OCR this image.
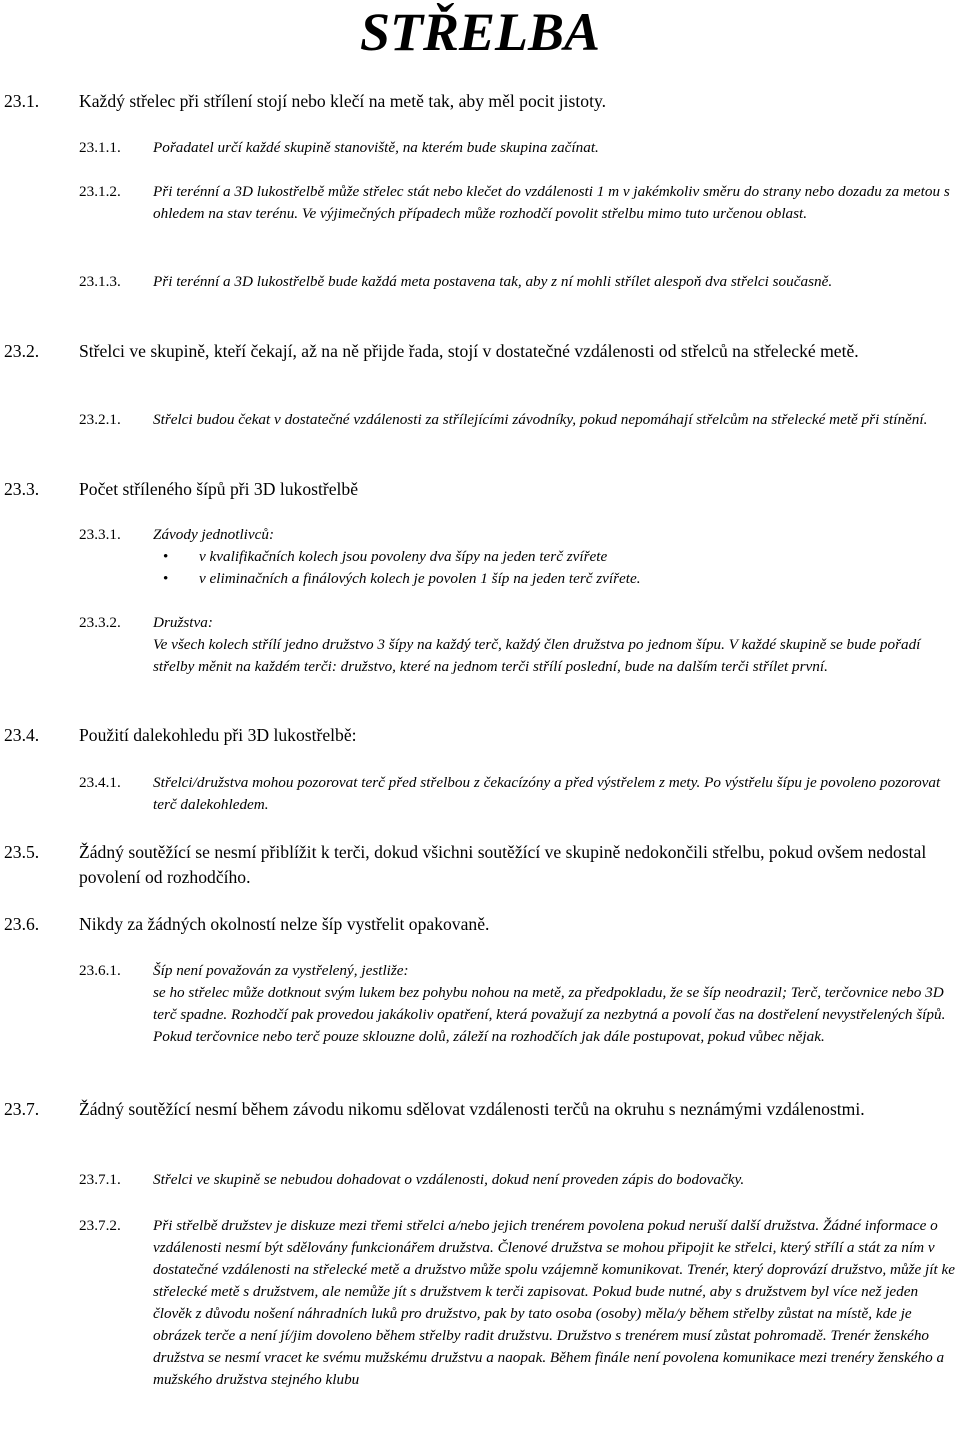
STŘELBA
23.1.	Každý střelec při střílení stojí nebo klečí na metě tak, aby měl pocit jistoty.
23.1.1.	Pořadatel určí každé skupině stanoviště, na kterém bude skupina začínat.
23.1.2.	Při terénní a 3D lukostřelbě může střelec stát nebo klečet do vzdálenosti 1 m v jakémkoliv směru do strany nebo dozadu za metou s ohledem na stav terénu. Ve výjimečných případech může rozhodčí povolit střelbu mimo tuto určenou oblast.
23.1.3.	Při terénní a 3D lukostřelbě bude každá meta postavena tak, aby z ní mohli střílet alespoň dva střelci současně.
23.2.	Střelci ve skupině, kteří čekají, až na ně přijde řada, stojí v dostatečné vzdálenosti od střelců na střelecké metě.
23.2.1.	Střelci budou čekat v dostatečné vzdálenosti za střílejícími závodníky, pokud nepomáhají střelcům na střelecké metě při stínění.
23.3.	Počet stříleného šípů při 3D lukostřelbě
23.3.1.	Závody jednotlivců:
• v kvalifikačních kolech jsou povoleny dva šípy na jeden terč zvířete
• v eliminačních a finálových kolech je povolen 1 šíp na jeden terč zvířete.
23.3.2.	Družstva:
Ve všech kolech střílí jedno družstvo 3 šípy na každý terč, každý člen družstva po jednom šípu. V každé skupině se bude pořadí střelby měnit na každém terči: družstvo, které na jednom terči střílí poslední, bude na dalším terči střílet první.
23.4.	Použití dalekohledu při 3D lukostřelbě:
23.4.1.	Střelci/družstva mohou pozorovat terč před střelbou z čekacízóny a před výstřelem z mety. Po výstřelu šípu je povoleno pozorovat terč dalekohledem.
23.5.	Žádný soutěžící se nesmí přiblížit k terči, dokud všichni soutěžící ve skupině nedokončili střelbu, pokud ovšem nedostal povolení od rozhodčího.
23.6.	Nikdy za žádných okolností nelze šíp vystřelit opakovaně.
23.6.1.	Šíp není považován za vystřelený, jestliže:
se ho střelec může dotknout svým lukem bez pohybu nohou na metě, za předpokladu, že se šíp neodrazil; Terč, terčovnice nebo 3D terč spadne. Rozhodčí pak provedou jakákoliv opatření, která považují za nezbytná a povolí čas na dostřelení nevystřelených šípů. Pokud terčovnice nebo terč pouze sklouzne dolů, záleží na rozhodčích jak dále postupovat, pokud vůbec nějak.
23.7.	Žádný soutěžící nesmí během závodu nikomu sdělovat vzdálenosti terčů na okruhu s neznámými vzdálenostmi.
23.7.1.	Střelci ve skupině se nebudou dohadovat o vzdálenosti, dokud není proveden zápis do bodovačky.
23.7.2.	Při střelbě družstev je diskuze mezi třemi střelci a/nebo jejich trenérem povolena pokud neruší další družstva. Žádné informace o vzdálenosti nesmí být sdělovány funkcionářem družstva. Členové družstva se mohou připojit ke střelci, který střílí a stát za ním v dostatečné vzdálenosti na střelecké metě a družstvo může spolu vzájemně komunikovat. Trenér, který doprovází družstvo, může jít ke střelecké metě s družstvem, ale nemůže jít s družstvem k terči zapisovat. Pokud bude nutné, aby s družstvem byl více než jeden člověk z důvodu nošení náhradních luků pro družstvo, pak by tato osoba (osoby) měla/y během střelby zůstat na místě, kde je obrázek terče a není jí/jim dovoleno během střelby radit družstvu. Družstvo s trenérem musí zůstat pohromadě. Trenér ženského družstva se nesmí vracet ke svému mužskému družstvu a naopak. Během finále není povolena komunikace mezi trenéry ženského a mužského družstva stejného klubu
